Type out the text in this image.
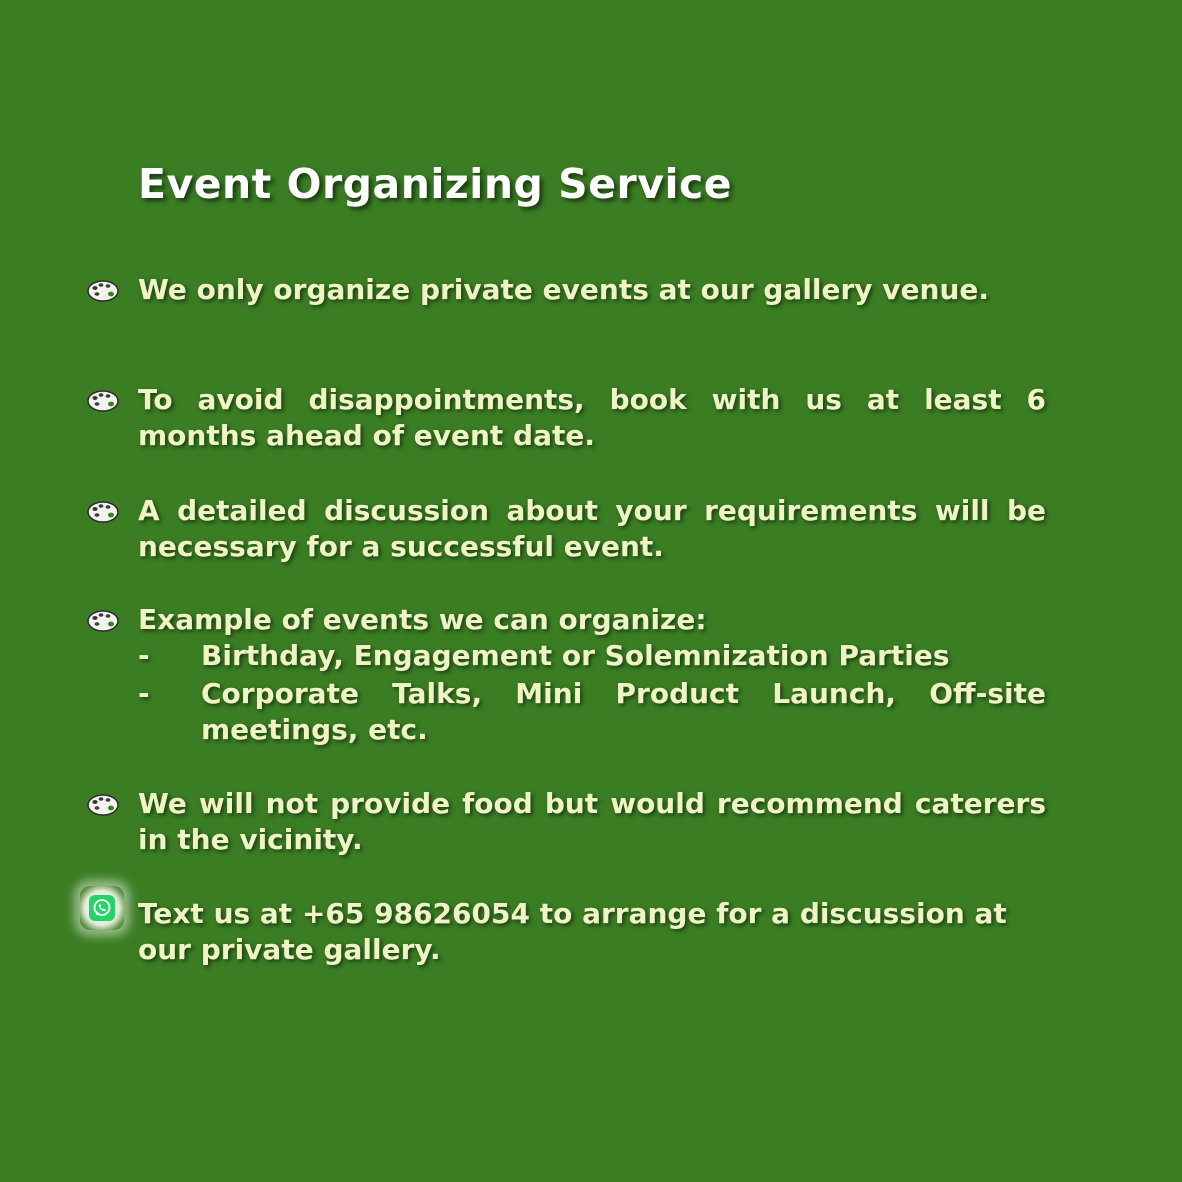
Event Organizing Service
We only organize private events at our gallery venue.
To avoid disappointments, book with us at least 6 months ahead of event date.
A detailed discussion about your requirements will be necessary for a successful event.
Example of events we can organize:
- Birthday, Engagement or Solemnization Parties
- Corporate Talks, Mini Product Launch, Off-site meetings, etc.
We will not provide food but would recommend caterers in the vicinity.
Text us at +65 98626054 to arrange for a discussion at our private gallery.
